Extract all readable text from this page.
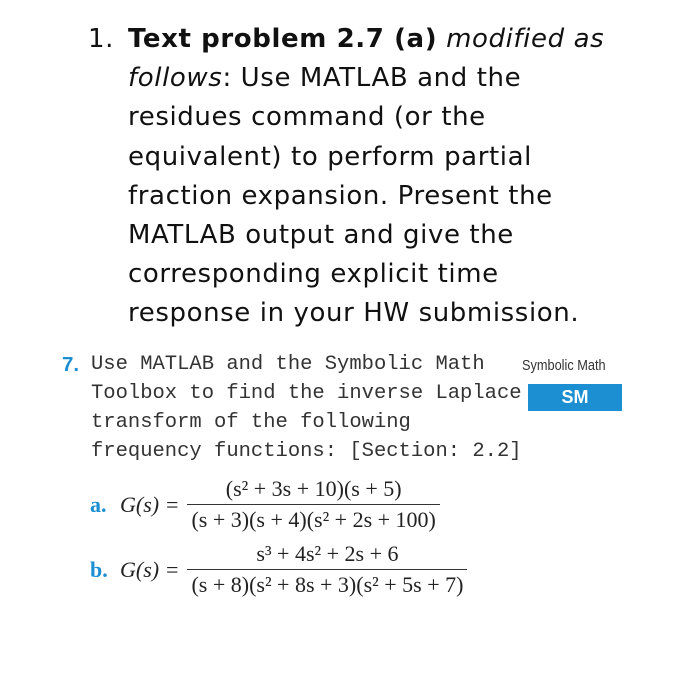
1. Text problem 2.7 (a) modified as follows: Use MATLAB and the residues command (or the equivalent) to perform partial fraction expansion. Present the MATLAB output and give the corresponding explicit time response in your HW submission.
7. Use MATLAB and the Symbolic Math Toolbox to find the inverse Laplace transform of the following frequency functions: [Section: 2.2]
Symbolic Math
SM
a. $G(s) = \frac{\text{(s² + 3s + 10)(s + 5)}}{\text{(s + 3)(s + 4)(s² + 2s + 100)}}$
b. $G(s) = \frac{\text{s³ + 4s² + 2s + 6}}{\text{(s + 8)(s² + 8s + 3)(s² + 5s + 7)}}$
